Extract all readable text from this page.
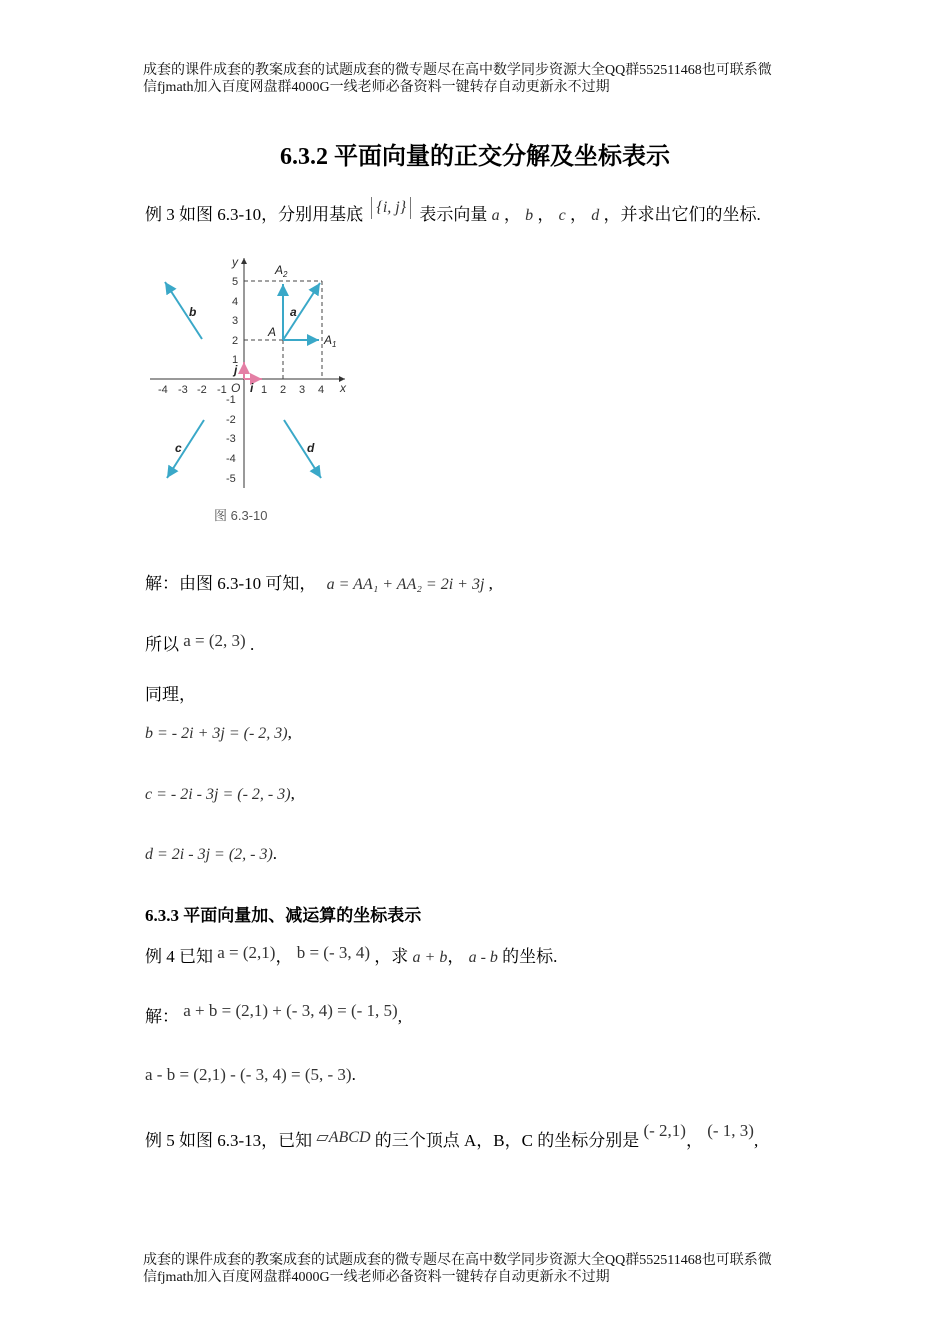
成套的课件成套的教案成套的试题成套的微专题尽在高中数学同步资源大全QQ群552511468也可联系微
信fjmath加入百度网盘群4000G一线老师必备资料一键转存自动更新永不过期
6.3.2 平面向量的正交分解及坐标表示
例 3 如图 6.3-10，分别用基底 {i, j} 表示向量 a ， b ， c ， d ，并求出它们的坐标.
y
x
O
-4 -3 -2 -1	1 2 3 4
5
4
3
2
1
-1
-2
-3
-4
-5
a
b
c	d
i
j
A
$A_1$
$A_2$
图 6.3-10
解：由图 6.3-10 可知， a = AA₁ + AA₂ = 2i + 3j ,
所以 a = (2, 3) .
同理，
b = - 2i + 3j = (- 2, 3),
c = - 2i - 3j = (- 2, - 3),
d = 2i - 3j = (2, - 3).
6.3.3 平面向量加、减运算的坐标表示
例 4 已知 a = (2,1)， b = (- 3, 4) ，求 a + b， a - b 的坐标.
解： a + b = (2,1) + (- 3, 4) = (- 1, 5),
a - b = (2,1) - (- 3, 4) = (5, - 3).
例 5 如图 6.3-13，已知 ▱ABCD 的三个顶点 A，B，C 的坐标分别是 (- 2,1)， (- 1, 3),
成套的课件成套的教案成套的试题成套的微专题尽在高中数学同步资源大全QQ群552511468也可联系微
信fjmath加入百度网盘群4000G一线老师必备资料一键转存自动更新永不过期
